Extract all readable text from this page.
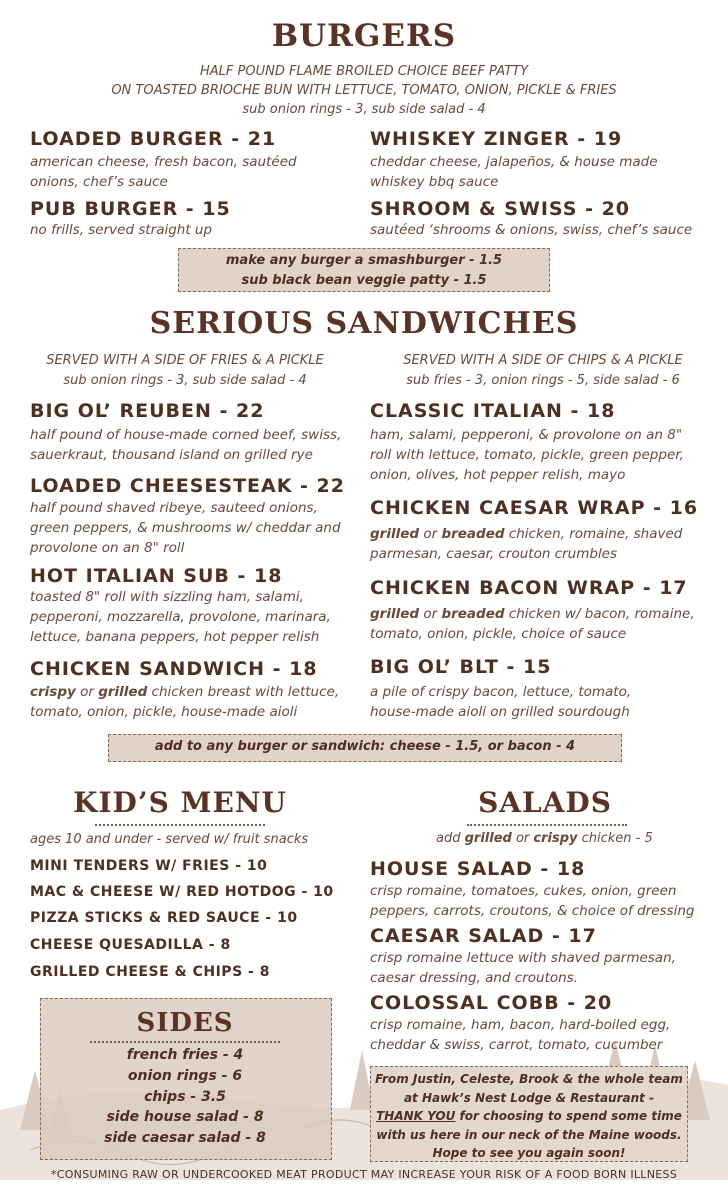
BURGERS
HALF POUND FLAME BROILED CHOICE BEEF PATTY
ON TOASTED BRIOCHE BUN WITH LETTUCE, TOMATO, ONION, PICKLE & FRIES
sub onion rings - 3, sub side salad - 4
LOADED BURGER - 21
american cheese, fresh bacon, sautéed
onions, chef’s sauce
WHISKEY ZINGER - 19
cheddar cheese, jalapeños, & house made
whiskey bbq sauce
PUB BURGER - 15
no frills, served straight up
SHROOM & SWISS - 20
sautéed ‘shrooms & onions, swiss, chef’s sauce
make any burger a smashburger - 1.5
sub black bean veggie patty - 1.5
SERIOUS SANDWICHES
SERVED WITH A SIDE OF FRIES & A PICKLE
sub onion rings - 3, sub side salad - 4
SERVED WITH A SIDE OF CHIPS & A PICKLE
sub fries - 3, onion rings - 5, side salad - 6
BIG OL’ REUBEN - 22
half pound of house-made corned beef, swiss,
sauerkraut, thousand island on grilled rye
LOADED CHEESESTEAK - 22
half pound shaved ribeye, sauteed onions,
green peppers, & mushrooms w/ cheddar and
provolone on an 8" roll
HOT ITALIAN SUB - 18
toasted 8" roll with sizzling ham, salami,
pepperoni, mozzarella, provolone, marinara,
lettuce, banana peppers, hot pepper relish
CHICKEN SANDWICH - 18
crispy or grilled chicken breast with lettuce,
tomato, onion, pickle, house-made aioli
CLASSIC ITALIAN - 18
ham, salami, pepperoni, & provolone on an 8"
roll with lettuce, tomato, pickle, green pepper,
onion, olives, hot pepper relish, mayo
CHICKEN CAESAR WRAP - 16
grilled or breaded chicken, romaine, shaved
parmesan, caesar, crouton crumbles
CHICKEN BACON WRAP - 17
grilled or breaded chicken w/ bacon, romaine,
tomato, onion, pickle, choice of sauce
BIG OL’ BLT - 15
a pile of crispy bacon, lettuce, tomato,
house-made aioli on grilled sourdough
add to any burger or sandwich: cheese - 1.5, or bacon - 4
KID’S MENU
ages 10 and under - served w/ fruit snacks
MINI TENDERS W/ FRIES - 10
MAC & CHEESE W/ RED HOTDOG - 10
PIZZA STICKS & RED SAUCE - 10
CHEESE QUESADILLA - 8
GRILLED CHEESE & CHIPS - 8
SALADS
add grilled or crispy chicken - 5
HOUSE SALAD - 18
crisp romaine, tomatoes, cukes, onion, green
peppers, carrots, croutons, & choice of dressing
CAESAR SALAD - 17
crisp romaine lettuce with shaved parmesan,
caesar dressing, and croutons.
COLOSSAL COBB - 20
crisp romaine, ham, bacon, hard-boiled egg,
cheddar & swiss, carrot, tomato, cucumber
SIDES
french fries - 4
onion rings - 6
chips - 3.5
side house salad - 8
side caesar salad - 8
From Justin, Celeste, Brook & the whole team
at Hawk’s Nest Lodge & Restaurant -
THANK YOU for choosing to spend some time
with us here in our neck of the Maine woods.
Hope to see you again soon!
*CONSUMING RAW OR UNDERCOOKED MEAT PRODUCT MAY INCREASE YOUR RISK OF A FOOD BORN ILLNESS
